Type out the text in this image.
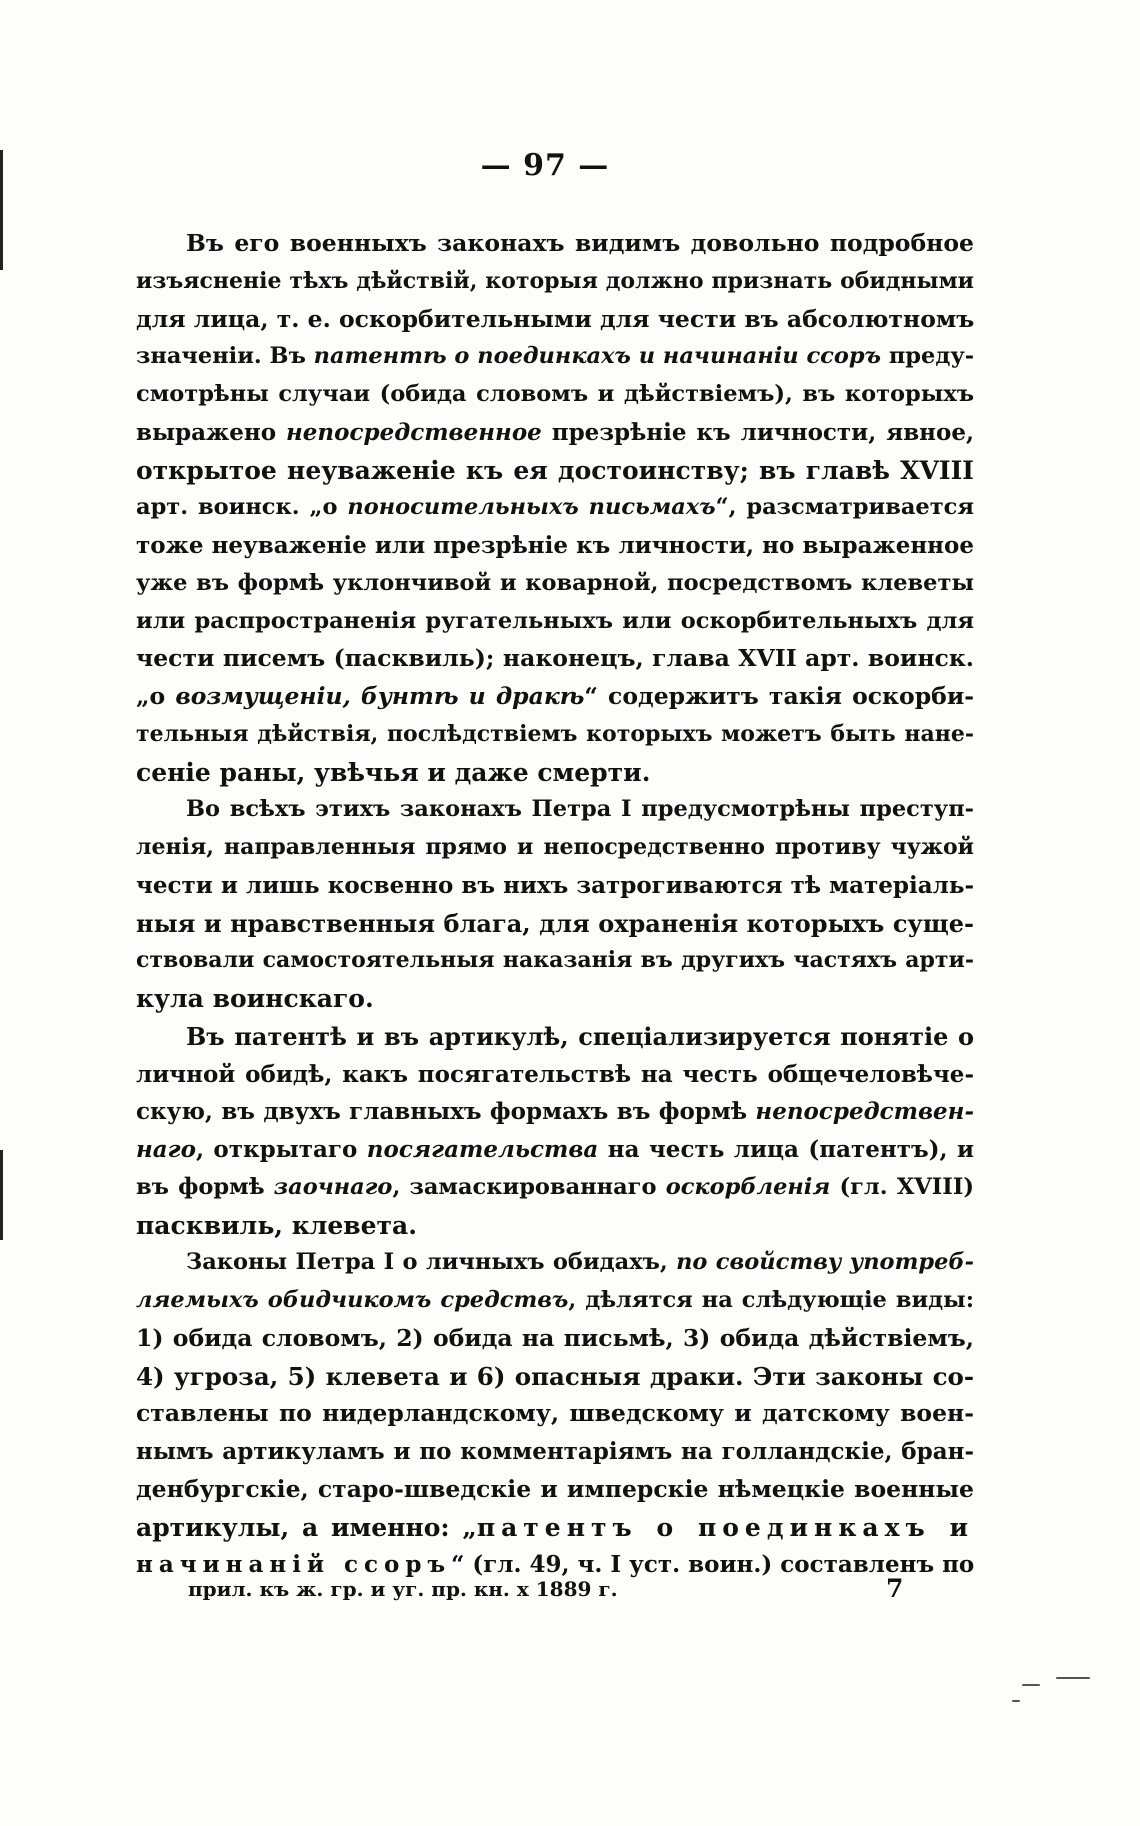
— 97 —
Въ его военныхъ законахъ видимъ довольно подробное
изъясненіе тѣхъ дѣйствій, которыя должно признать обидными
для лица, т. е. оскорбительными для чести въ абсолютномъ
значеніи. Въ патентѣ о поединкахъ и начинаніи ссоръ преду-
смотрѣны случаи (обида словомъ и дѣйствіемъ), въ которыхъ
выражено непосредственное презрѣніе къ личности, явное,
открытое неуваженіе къ ея достоинству; въ главѣ XVIII
арт. воинск. „о поносительныхъ письмахъ“, разсматривается
тоже неуваженіе или презрѣніе къ личности, но выраженное
уже въ формѣ уклончивой и коварной, посредствомъ клеветы
или распространенія ругательныхъ или оскорбительныхъ для
чести писемъ (пасквиль); наконецъ, глава XVII арт. воинск.
„о возмущеніи, бунтѣ и дракѣ“ содержитъ такія оскорби-
тельныя дѣйствія, послѣдствіемъ которыхъ можетъ быть нане-
сеніе раны, увѣчья и даже смерти.
Во всѣхъ этихъ законахъ Петра I предусмотрѣны преступ-
ленія, направленныя прямо и непосредственно противу чужой
чести и лишь косвенно въ нихъ затрогиваются тѣ матеріаль-
ныя и нравственныя блага, для охраненія которыхъ суще-
ствовали самостоятельныя наказанія въ другихъ частяхъ арти-
кула воинскаго.
Въ патентѣ и въ артикулѣ, спеціализируется понятіе о
личной обидѣ, какъ посягательствѣ на честь общечеловѣче-
скую, въ двухъ главныхъ формахъ въ формѣ непосредствен-
наго, открытаго посягательства на честь лица (патентъ), и
въ формѣ заочнаго, замаскированнаго оскорбленія (гл. XVIII)
пасквиль, клевета.
Законы Петра I о личныхъ обидахъ, по свойству употреб-
ляемыхъ обидчикомъ средствъ, дѣлятся на слѣдующіе виды:
1) обида словомъ, 2) обида на письмѣ, 3) обида дѣйствіемъ,
4) угроза, 5) клевета и 6) опасныя драки. Эти законы со-
ставлены по нидерландскому, шведскому и датскому воен-
нымъ артикуламъ и по комментаріямъ на голландскіе, бран-
денбургскіе, старо-шведскіе и имперскіе нѣмецкіе военные
артикулы, а именно: „патентъ о поединкахъ и
начинаній ссоръ“ (гл. 49, ч. I уст. воин.) составленъ по
прил. къ ж. гр. и уг. пр. кн. x 1889 г.	7
